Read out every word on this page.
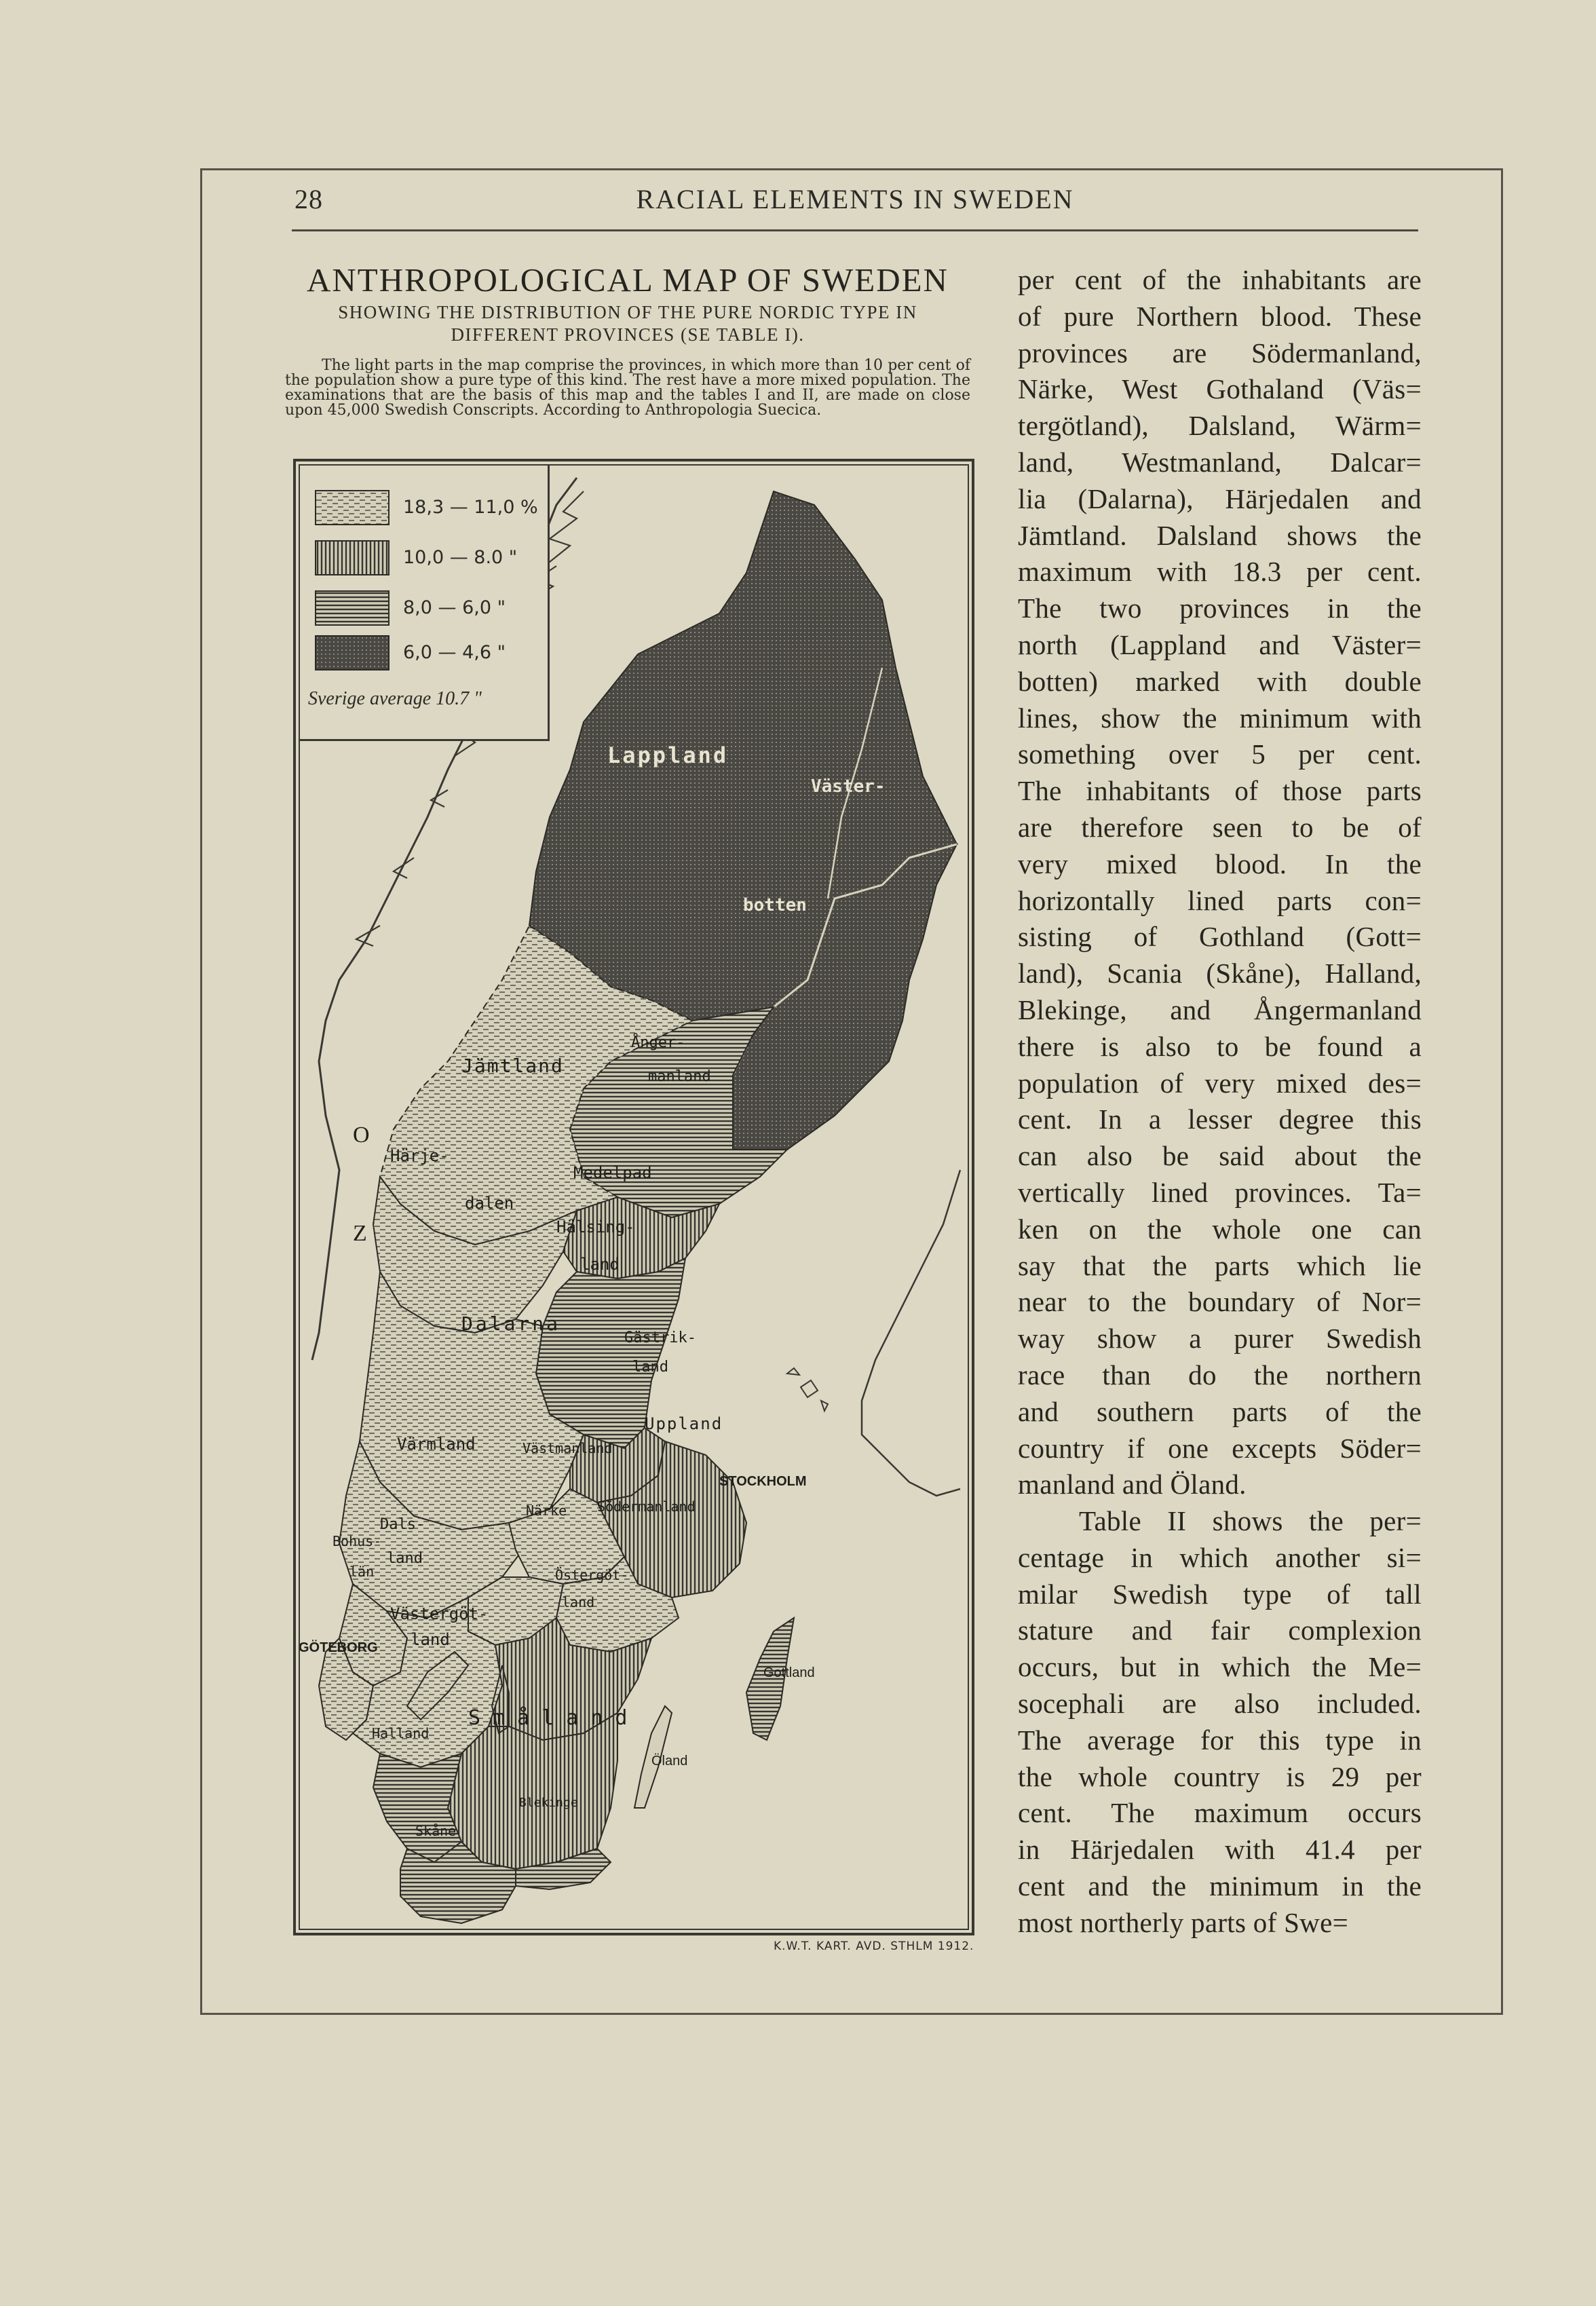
28	RACIAL ELEMENTS IN SWEDEN
ANTHROPOLOGICAL MAP OF SWEDEN
SHOWING THE DISTRIBUTION OF THE PURE NORDIC TYPE IN
DIFFERENT PROVINCES (SE TABLE I).
The light parts in the map comprise the provinces, in which more than 10 per cent of the population show a pure type of this kind. The rest have a more mixed population. The examinations that are the basis of this map and the tables I and II, are made on close upon 45,000 Swedish Conscripts. According to Anthropologia Suecica.
Lappland
Väster-
botten
Ånger-
manland
Jämtland
Härje-
dalen
Medelpad
Hälsing-
land
Dalarna
Gästrik-
land
Uppland
Värmland	Västmanland
STOCKHOLM
Närke Södermanland
Dals-
land
Bohus-
län	Östergöt-
land
Västergöt-
land
GÖTEBORG
Gottland
Småland
Halland
Öland
Blekinge
Skåne
O
Z
18,3 — 11,0 %
10,0 — 8.0 "
8,0 — 6,0 "
6,0 — 4,6 "
Sverige average 10.7 "
K.W.T. KART. AVD. STHLM 1912.
per cent of the inhabitants are
of pure Northern blood. These
provinces are Södermanland,
Närke, West Gothaland (Väs=
tergötland), Dalsland, Wärm=
land, Westmanland, Dalcar=
lia (Dalarna), Härjedalen and
Jämtland. Dalsland shows the
maximum with 18.3 per cent.
The two provinces in the
north (Lappland and Väster=
botten) marked with double
lines, show the minimum with
something over 5 per cent.
The inhabitants of those parts
are therefore seen to be of
very mixed blood. In the
horizontally lined parts con=
sisting of Gothland (Gott=
land), Scania (Skåne), Halland,
Blekinge, and Ångermanland
there is also to be found a
population of very mixed des=
cent. In a lesser degree this
can also be said about the
vertically lined provinces. Ta=
ken on the whole one can
say that the parts which lie
near to the boundary of Nor=
way show a purer Swedish
race than do the northern
and southern parts of the
country if one excepts Söder=
manland and Öland.
Table II shows the per=
centage in which another si=
milar Swedish type of tall
stature and fair complexion
occurs, but in which the Me=
socephali are also included.
The average for this type in
the whole country is 29 per
cent. The maximum occurs
in Härjedalen with 41.4 per
cent and the minimum in the
most northerly parts of Swe=
